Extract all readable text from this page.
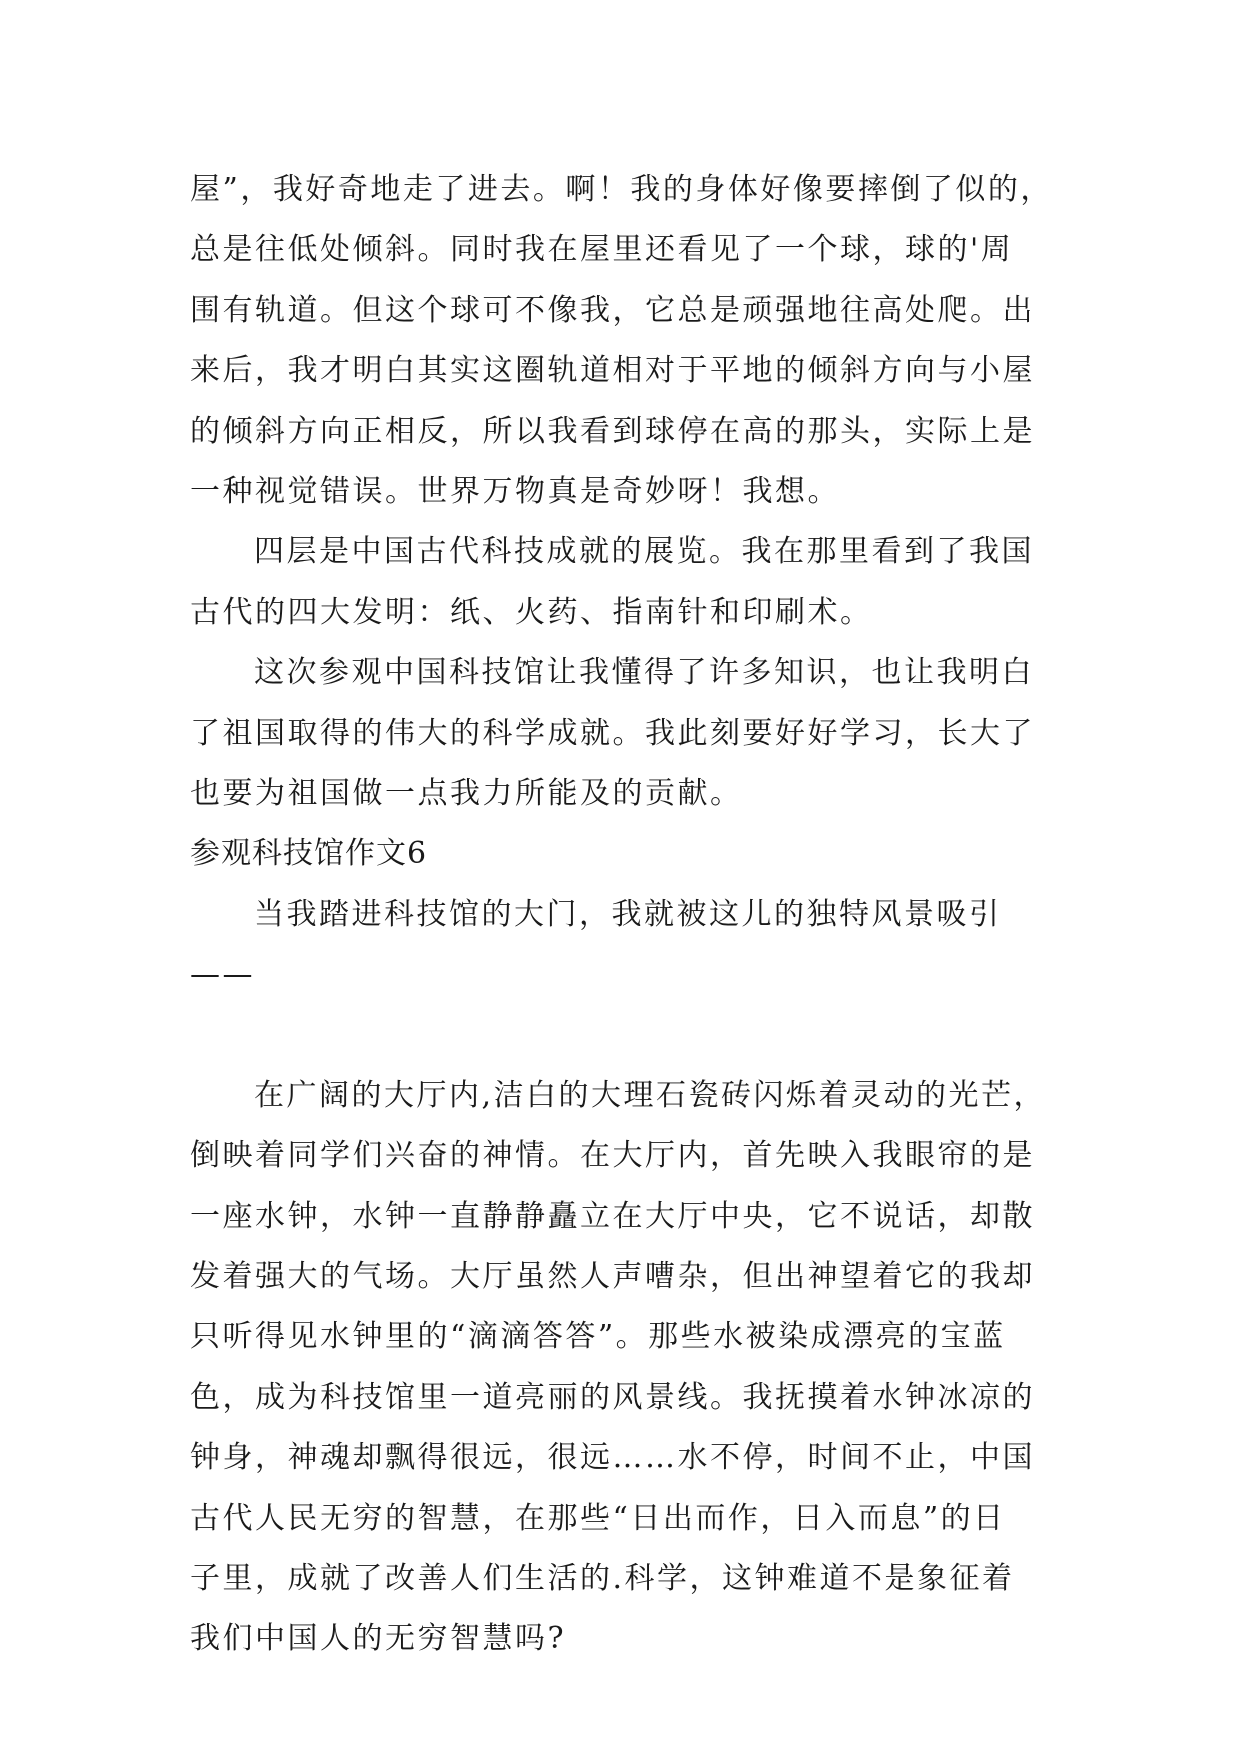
屋”，我好奇地走了进去。啊！我的身体好像要摔倒了似的，
总是往低处倾斜。同时我在屋里还看见了一个球，球的'周
围有轨道。但这个球可不像我，它总是顽强地往高处爬。出
来后，我才明白其实这圈轨道相对于平地的倾斜方向与小屋
的倾斜方向正相反，所以我看到球停在高的那头，实际上是
一种视觉错误。世界万物真是奇妙呀！我想。
四层是中国古代科技成就的展览。我在那里看到了我国
古代的四大发明：纸、火药、指南针和印刷术。
这次参观中国科技馆让我懂得了许多知识，也让我明白
了祖国取得的伟大的科学成就。我此刻要好好学习，长大了
也要为祖国做一点我力所能及的贡献。
参观科技馆作文6
当我踏进科技馆的大门，我就被这儿的独特风景吸引
——
在广阔的大厅内,洁白的大理石瓷砖闪烁着灵动的光芒，
倒映着同学们兴奋的神情。在大厅内，首先映入我眼帘的是
一座水钟，水钟一直静静矗立在大厅中央，它不说话，却散
发着强大的气场。大厅虽然人声嘈杂，但出神望着它的我却
只听得见水钟里的“滴滴答答”。那些水被染成漂亮的宝蓝
色，成为科技馆里一道亮丽的风景线。我抚摸着水钟冰凉的
钟身，神魂却飘得很远，很远……水不停，时间不止，中国
古代人民无穷的智慧，在那些“日出而作，日入而息”的日
子里，成就了改善人们生活的.科学，这钟难道不是象征着
我们中国人的无穷智慧吗?
